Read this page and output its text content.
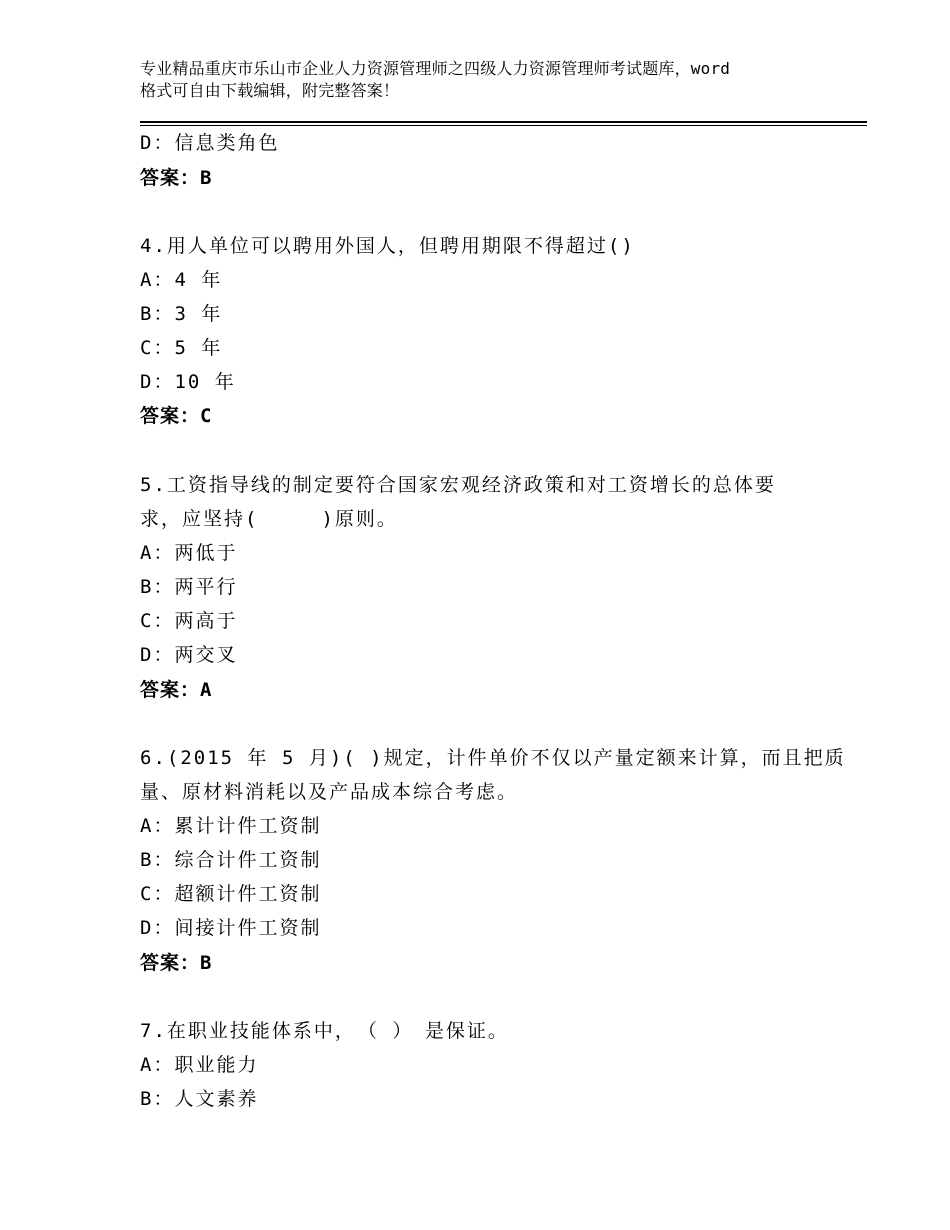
专业精品重庆市乐山市企业人力资源管理师之四级人力资源管理师考试题库，word
格式可自由下载编辑，附完整答案！
D：信息类角色
答案：B
4.用人单位可以聘用外国人，但聘用期限不得超过()
A：4 年
B：3 年
C：5 年
D：10 年
答案：C
5.工资指导线的制定要符合国家宏观经济政策和对工资增长的总体要
求，应坚持(　　　)原则。
A：两低于
B：两平行
C：两高于
D：两交叉
答案：A
6.(2015 年 5 月)( )规定，计件单价不仅以产量定额来计算，而且把质
量、原材料消耗以及产品成本综合考虑。
A：累计计件工资制
B：综合计件工资制
C：超额计件工资制
D：间接计件工资制
答案：B
7.在职业技能体系中，　（ ）　是保证。
A：职业能力
B：人文素养
